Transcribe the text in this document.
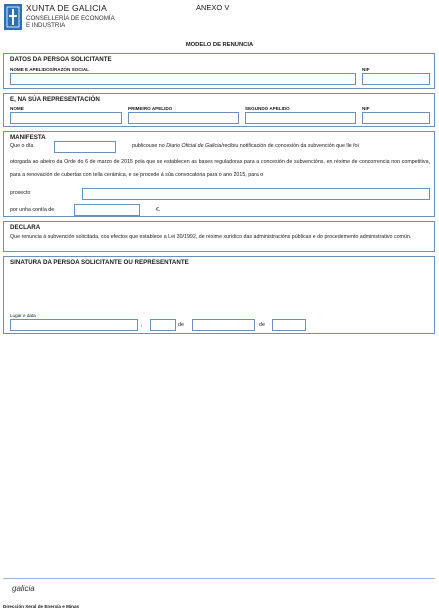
XUNTA DE GALICIA
CONSELLERÍA DE ECONOMÍA
E INDUSTRIA
ANEXO V
MODELO DE RENUNCIA
DATOS DA PERSOA SOLICITANTE
NOME E APELIDOS/RAZÓN SOCIAL	NIF
E, NA SÚA REPRESENTACIÓN
NOME	PRIMEIRO APELIDO	SEGUNDO APELIDO	NIF
MANIFESTA
Que o día	publicouse no Diario Oficial de Galicia/recibiu notificación de concesión da subvención que lle foi
otorgada ao abeiro da Orde do 6 de marzo de 2015 pola que se establecen as bases reguladoras para a concesión de subvencións, en réxime de concorrencia non competitiva, para a renovación de cubertas con tella cerámica, e se procede á súa convocatoria para o ano 2015, para o
proxecto
por unha contía de	€.
DECLARA
Que renuncia á subvención solicitada, cos efectos que establece a Lei 30/1992, de réxime xurídico das administracións públicas e do procedemento administrativo común.
SINATURA DA PERSOA SOLICITANTE OU REPRESENTANTE
Lugar e data
,	de	de
galicia
Dirección Xeral de Enerxía e Minas
